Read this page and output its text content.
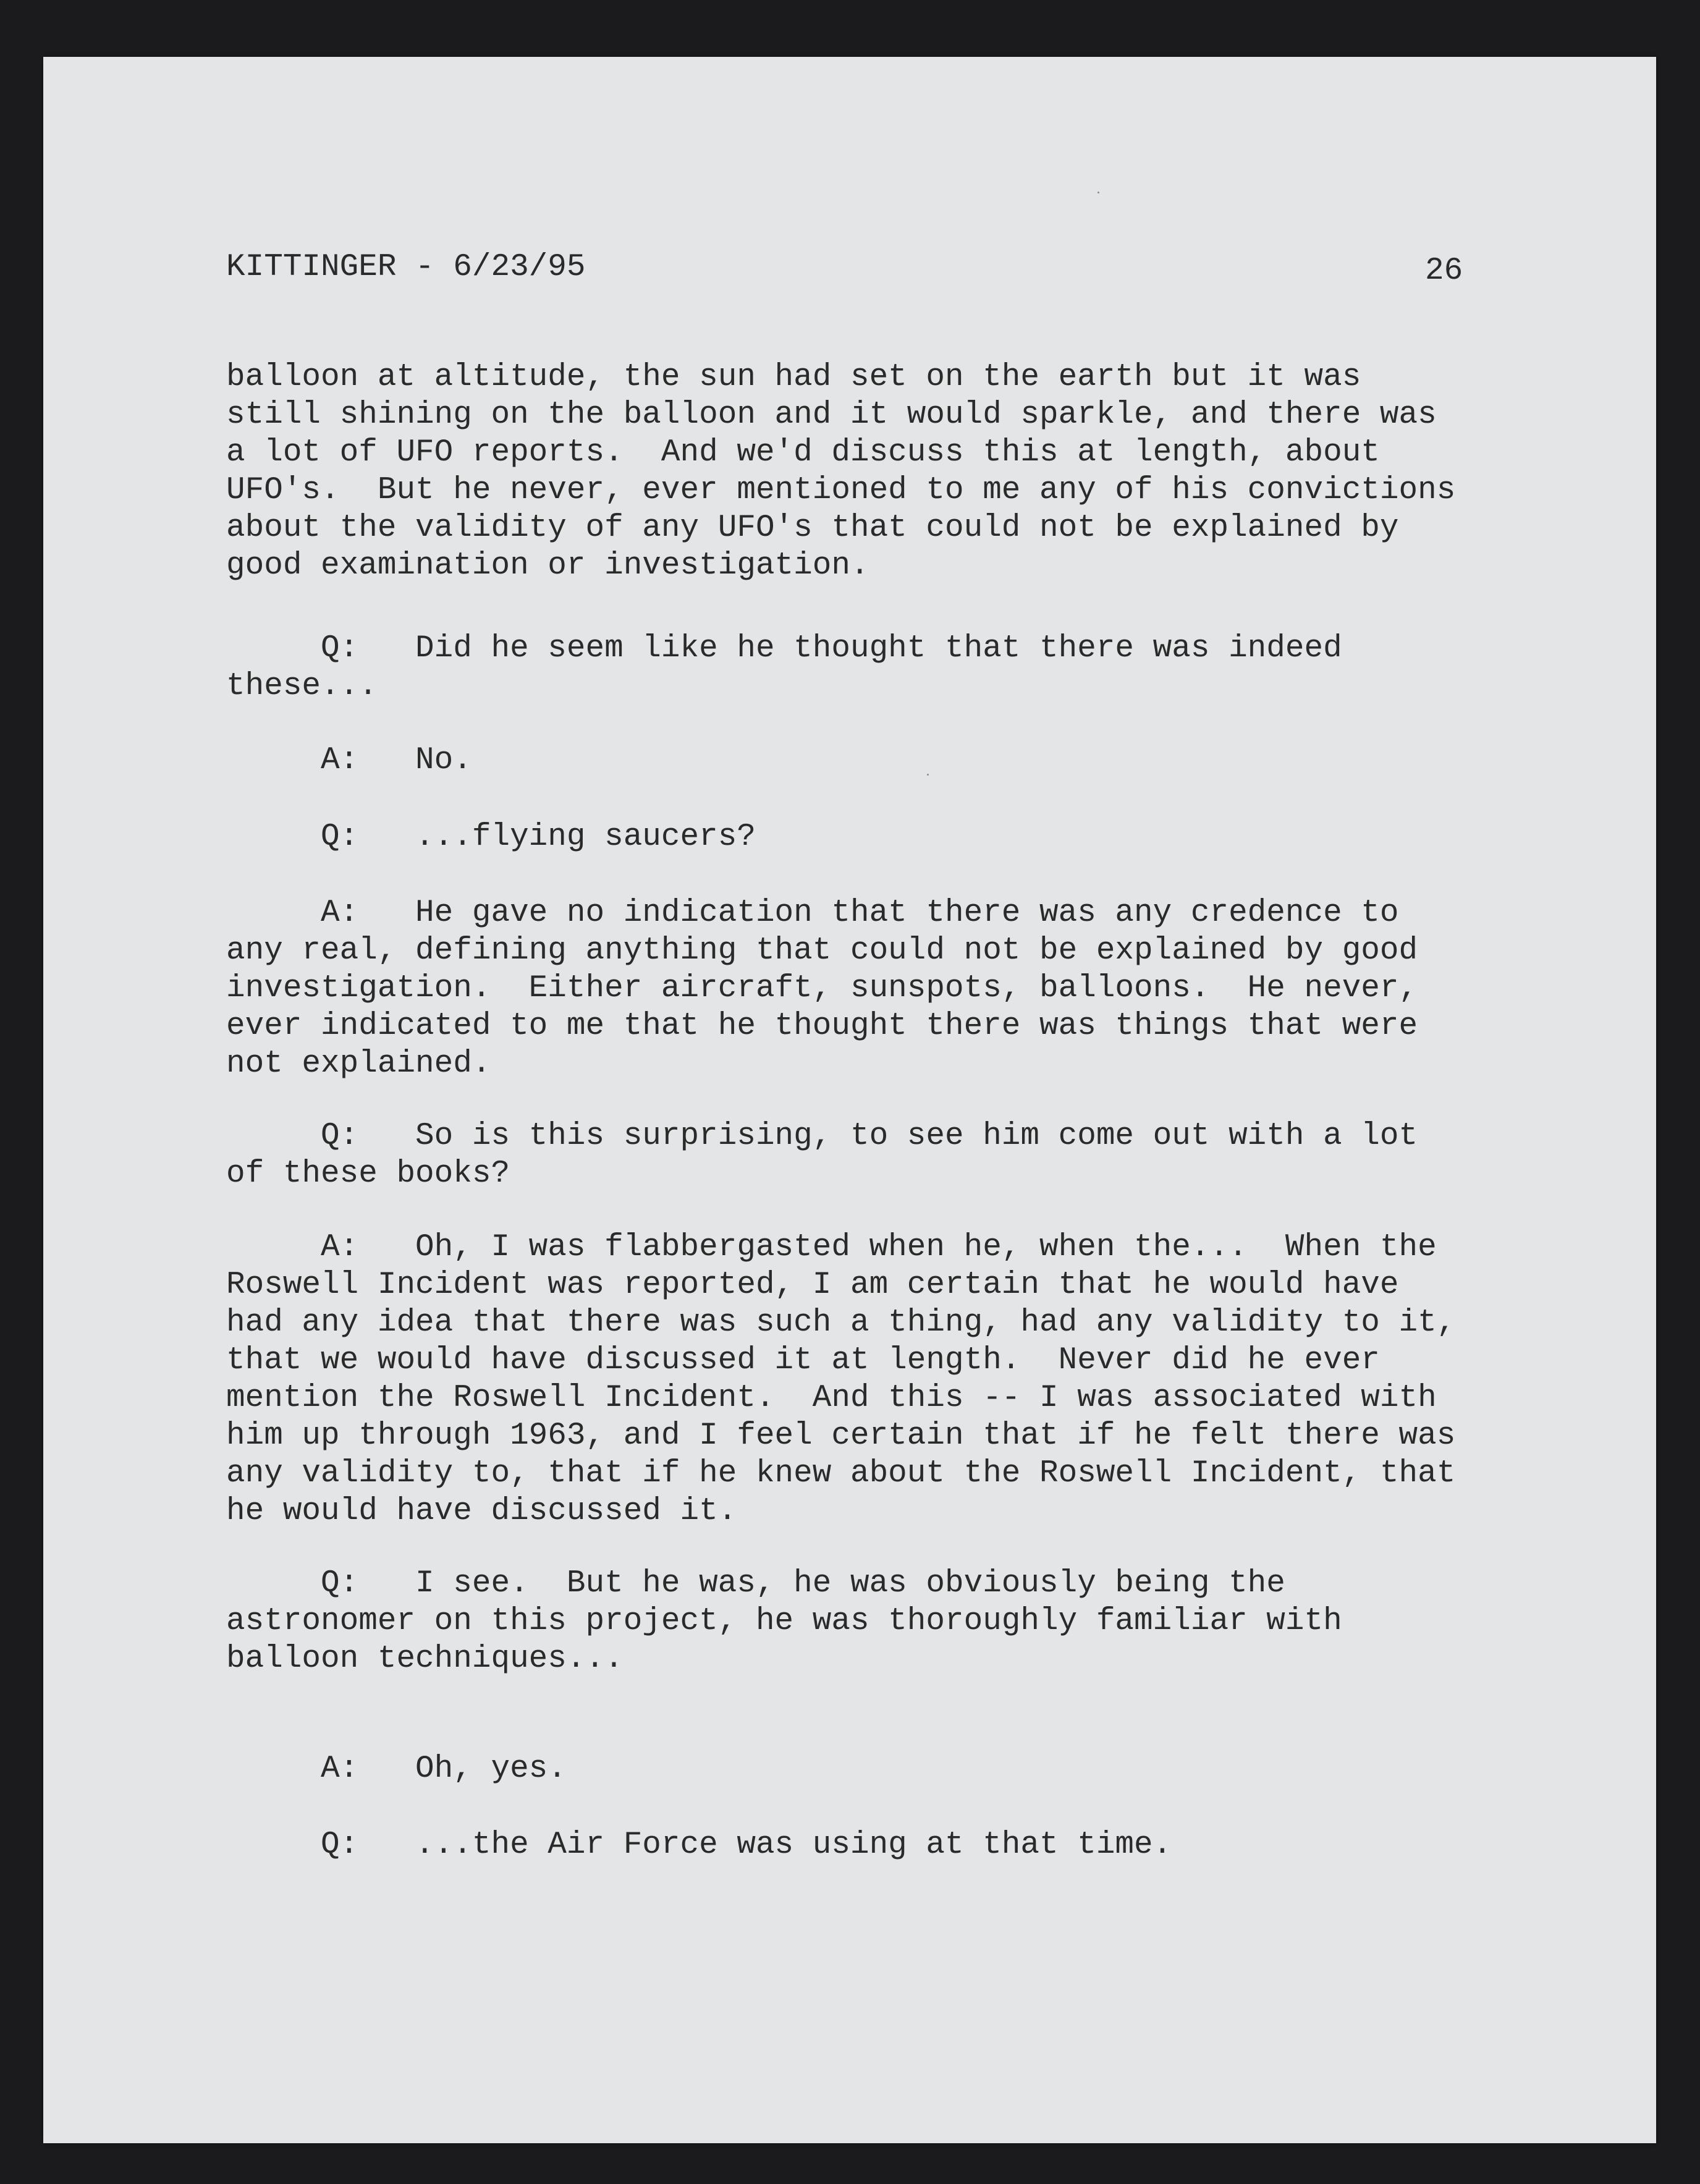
KITTINGER - 6/23/95	26

balloon at altitude, the sun had set on the earth but it was
still shining on the balloon and it would sparkle, and there was
a lot of UFO reports.  And we'd discuss this at length, about
UFO's.  But he never, ever mentioned to me any of his convictions
about the validity of any UFO's that could not be explained by
good examination or investigation.

Q:   Did he seem like he thought that there was indeed
these...

A:   No.

Q:   ...flying saucers?

A:   He gave no indication that there was any credence to
any real, defining anything that could not be explained by good
investigation.  Either aircraft, sunspots, balloons.  He never,
ever indicated to me that he thought there was things that were
not explained.

Q:   So is this surprising, to see him come out with a lot
of these books?

A:   Oh, I was flabbergasted when he, when the...  When the
Roswell Incident was reported, I am certain that he would have
had any idea that there was such a thing, had any validity to it,
that we would have discussed it at length.  Never did he ever
mention the Roswell Incident.  And this -- I was associated with
him up through 1963, and I feel certain that if he felt there was
any validity to, that if he knew about the Roswell Incident, that
he would have discussed it.

Q:   I see.  But he was, he was obviously being the
astronomer on this project, he was thoroughly familiar with
balloon techniques...

A:   Oh, yes.

Q:   ...the Air Force was using at that time.
